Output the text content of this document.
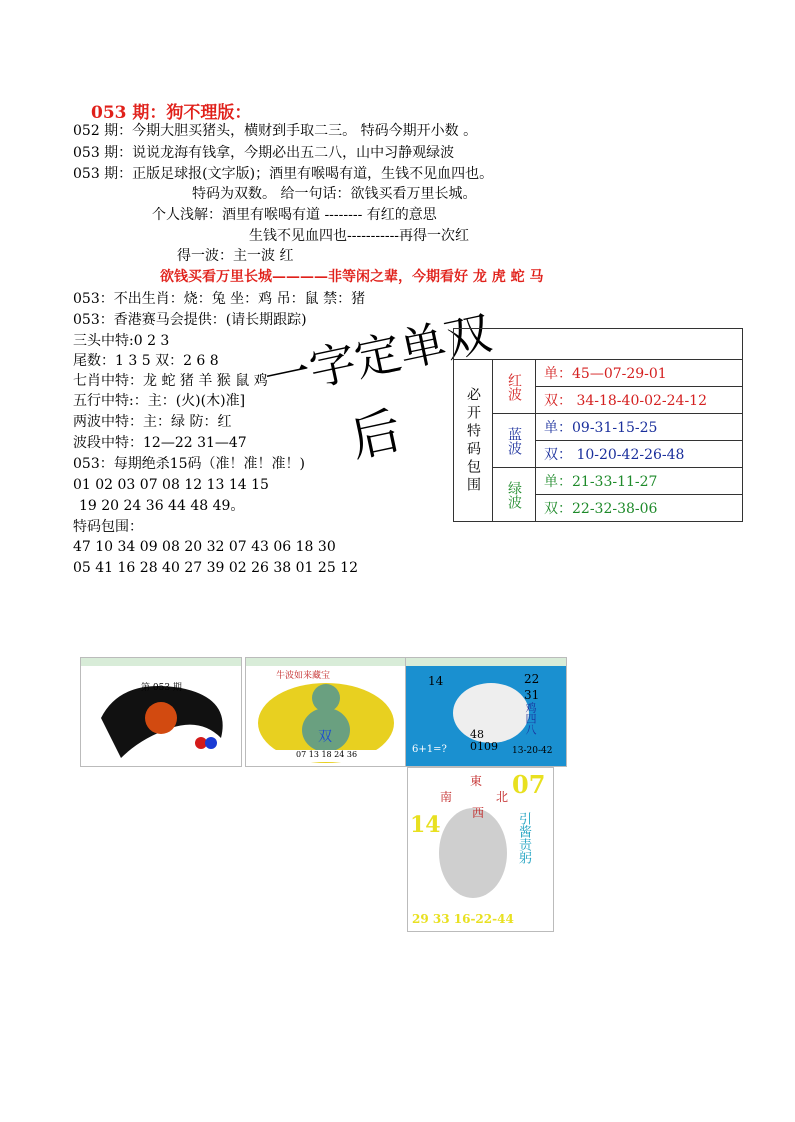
053 期：狗不理版：
052 期：今期大胆买猪头，横财到手取二三。 特码今期开小数 。
053 期：说说龙海有钱拿，今期必出五二八，山中习静观绿波
053 期：正版足球报(文字版)；酒里有喉喝有道，生钱不见血四也。
特码为双数。 给一句话：欲钱买看万里长城。
个人浅解：酒里有喉喝有道 -------- 有红的意思
生钱不见血四也-----------再得一次红
得一波：主一波 红
欲钱买看万里长城————非等闲之辈，今期看好 龙 虎 蛇 马
053：不出生肖：烧：兔 坐：鸡 吊：鼠 禁：猪
053：香港赛马会提供：(请长期跟踪)
三头中特:0 2 3
尾数：1 3 5 双：2 6 8
七肖中特：龙 蛇 猪 羊 猴 鼠 鸡
五行中特:：主：(火)(木)准]
两波中特：主：绿 防：红
波段中特：12—22 31—47
053：每期绝杀15码（准！准！准！)
01 02 03 07 08 12 13 14 15
19 20 24 36 44 48 49。
特码包围：
47 10 34 09 08 20 32 07 43 06 18 30
05 41 16 28 40 27 39 02 26 38 01 25 12
一字定单双
后	必开特码包围	红波	单：45—07-29-01
		双： 34-18-40-02-24-12
	蓝波	单：09-31-15-25
		双： 10-20-42-26-48
	绿波	单：21-33-11-27
		双：22-32-38-06
第 053 期
牛波如来藏宝
双
07 13 18 24 36
14	22
31
鸡四八
48
0109
6+1=?	13-20-42
東
南
西
北 07
14	引酱责躬
29 33 16-22-44
